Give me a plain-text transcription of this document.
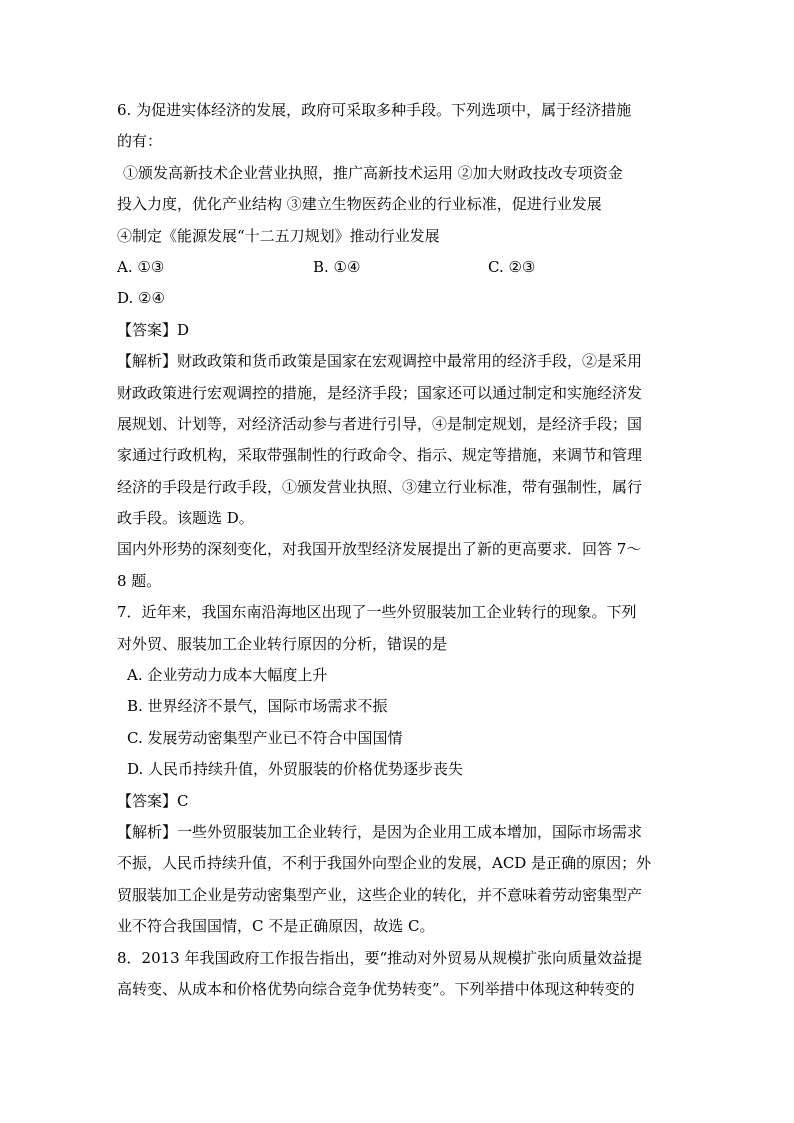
6. 为促进实体经济的发展，政府可采取多种手段。下列选项中，属于经济措施
的有：
①颁发高新技术企业营业执照，推广高新技术运用 ②加大财政技改专项资金
投入力度，优化产业结构 ③建立生物医药企业的行业标准，促进行业发展
④制定《能源发展“十二五刀规划》推动行业发展
A. ①③	B. ①④	C. ②③
D. ②④
【答案】D
【解析】财政政策和货币政策是国家在宏观调控中最常用的经济手段，②是采用
财政政策进行宏观调控的措施，是经济手段；国家还可以通过制定和实施经济发
展规划、计划等，对经济活动参与者进行引导，④是制定规划，是经济手段；国
家通过行政机构，采取带强制性的行政命令、指示、规定等措施，来调节和管理
经济的手段是行政手段，①颁发营业执照、③建立行业标准，带有强制性，属行
政手段。该题选 D。
国内外形势的深刻变化，对我国开放型经济发展提出了新的更高要求．回答 7～
8 题。
7．近年来，我国东南沿海地区出现了一些外贸服装加工企业转行的现象。下列
对外贸、服装加工企业转行原因的分析，错误的是
A. 企业劳动力成本大幅度上升
B. 世界经济不景气，国际市场需求不振
C. 发展劳动密集型产业已不符合中国国情
D. 人民币持续升值，外贸服装的价格优势逐步丧失
【答案】C
【解析】一些外贸服装加工企业转行，是因为企业用工成本增加，国际市场需求
不振，人民币持续升值，不利于我国外向型企业的发展，ACD 是正确的原因；外
贸服装加工企业是劳动密集型产业，这些企业的转化，并不意味着劳动密集型产
业不符合我国国情，C 不是正确原因，故选 C。
8．2013 年我国政府工作报告指出，要“推动对外贸易从规模扩张向质量效益提
高转变、从成本和价格优势向综合竞争优势转变”。下列举措中体现这种转变的
